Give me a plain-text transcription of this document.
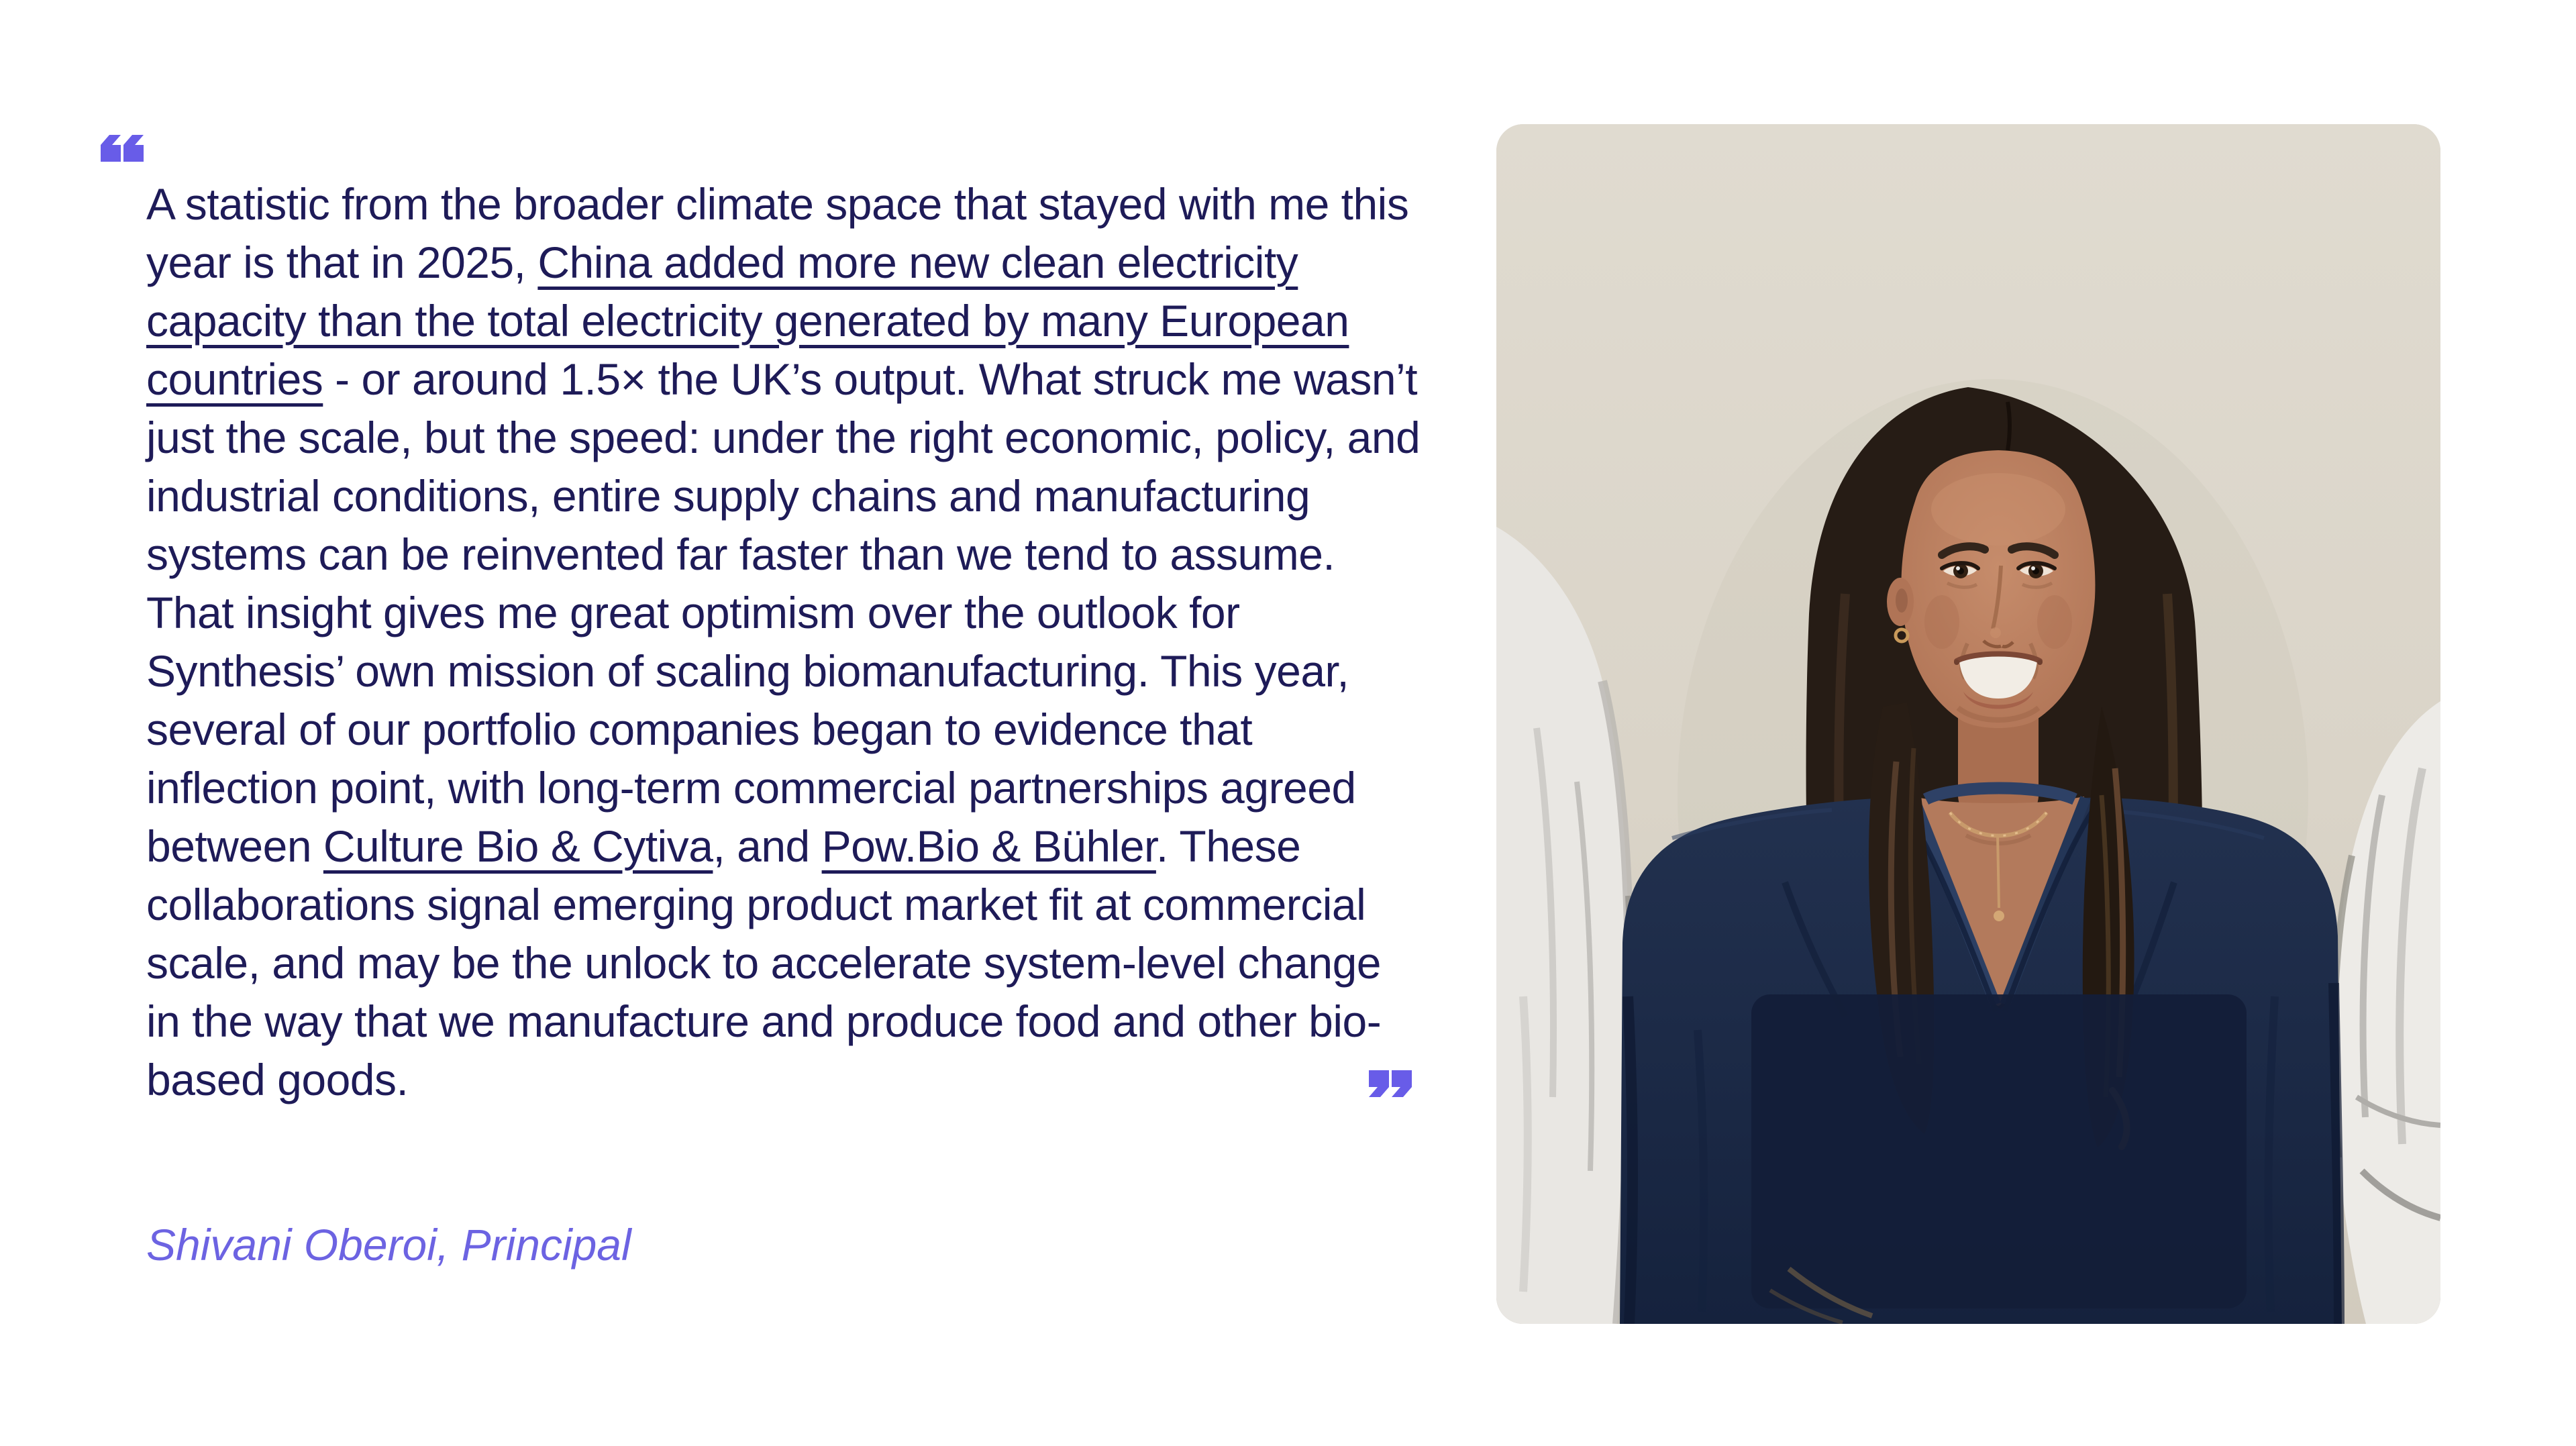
A statistic from the broader climate space that stayed with me this year is that in 2025, China added more new clean electricity capacity than the total electricity generated by many European countries - or around 1.5× the UK’s output. What struck me wasn’t just the scale, but the speed: under the right economic, policy, and industrial conditions, entire supply chains and manufacturing systems can be reinvented far faster than we tend to assume. That insight gives me great optimism over the outlook for Synthesis’ own mission of scaling biomanufacturing. This year, several of our portfolio companies began to evidence that inflection point, with long-term commercial partnerships agreed between Culture Bio & Cytiva, and Pow.Bio & Bühler. These collaborations signal emerging product market fit at commercial scale, and may be the unlock to accelerate system-level change in the way that we manufacture and produce food and other bio-based goods.

Shivani Oberoi, Principal
